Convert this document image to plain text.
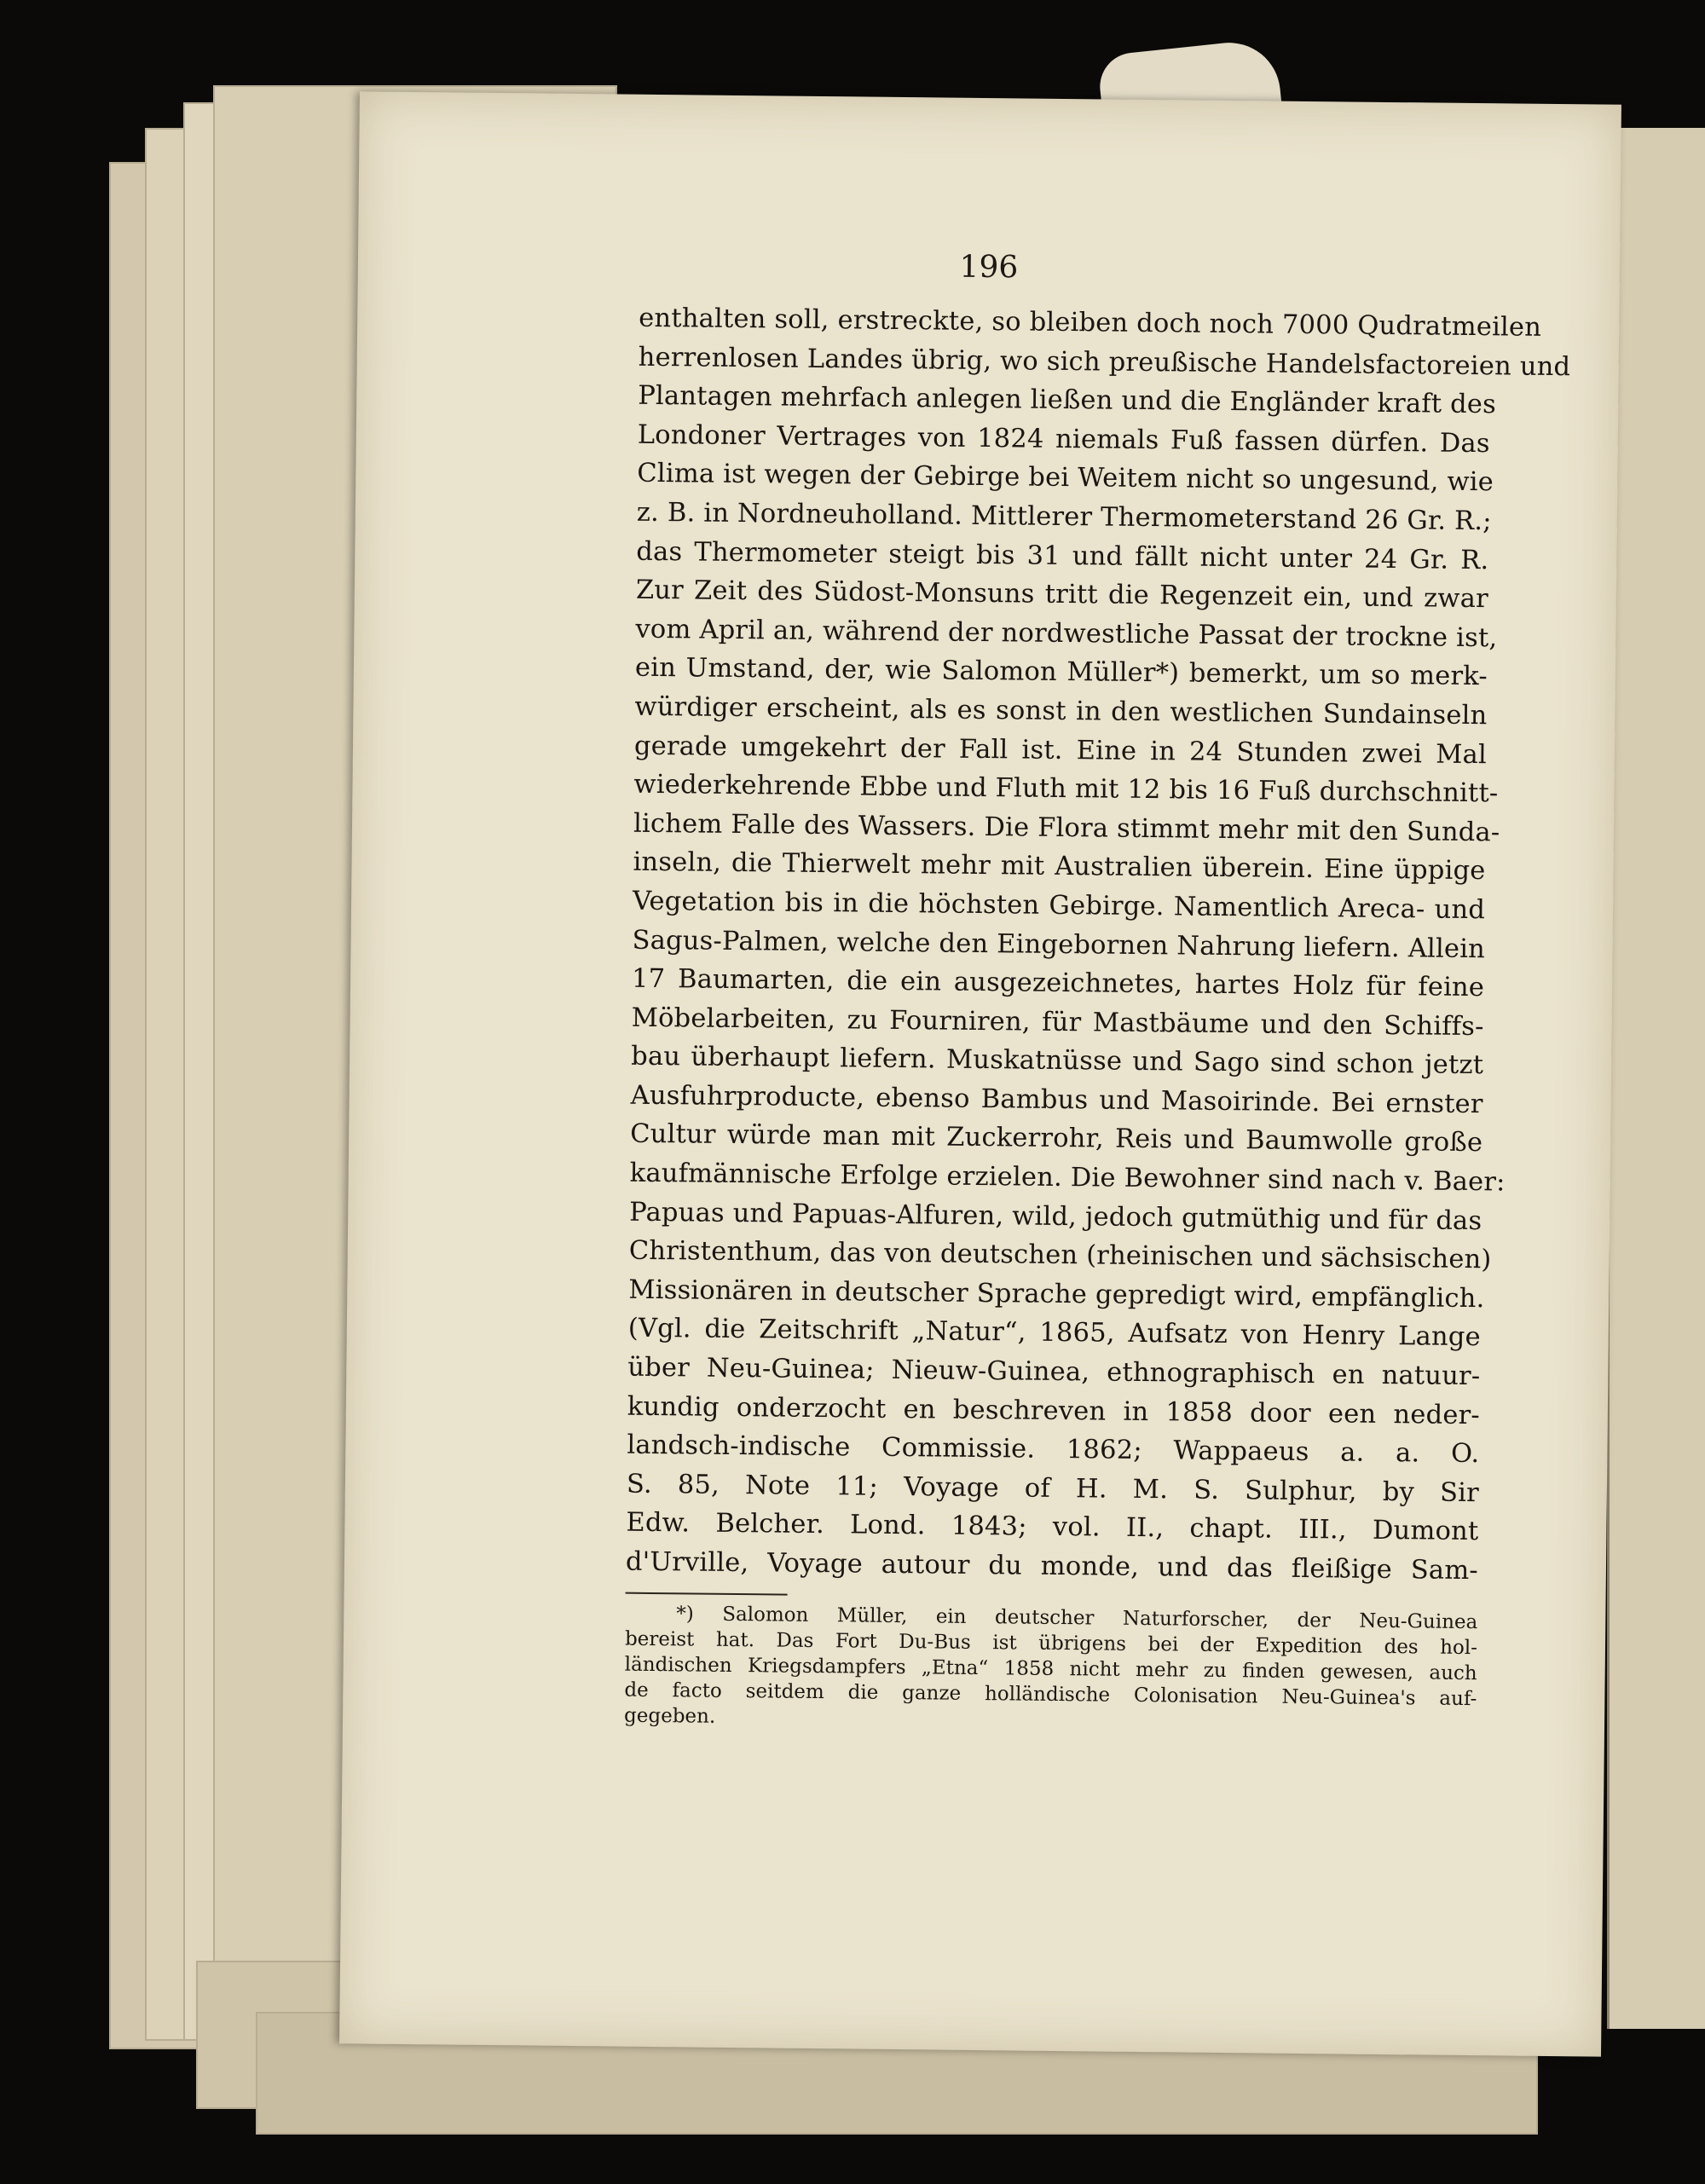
196
enthalten soll, erstreckte, so bleiben doch noch 7000 Qudratmeilen
herrenlosen Landes übrig, wo sich preußische Handelsfactoreien und
Plantagen mehrfach anlegen ließen und die Engländer kraft des
Londoner Vertrages von 1824 niemals Fuß fassen dürfen. Das
Clima ist wegen der Gebirge bei Weitem nicht so ungesund, wie
z. B. in Nordneuholland. Mittlerer Thermometerstand 26 Gr. R.;
das Thermometer steigt bis 31 und fällt nicht unter 24 Gr. R.
Zur Zeit des Südost-Monsuns tritt die Regenzeit ein, und zwar
vom April an, während der nordwestliche Passat der trockne ist,
ein Umstand, der, wie Salomon Müller*) bemerkt, um so merk-
würdiger erscheint, als es sonst in den westlichen Sundainseln
gerade umgekehrt der Fall ist. Eine in 24 Stunden zwei Mal
wiederkehrende Ebbe und Fluth mit 12 bis 16 Fuß durchschnitt-
lichem Falle des Wassers. Die Flora stimmt mehr mit den Sunda-
inseln, die Thierwelt mehr mit Australien überein. Eine üppige
Vegetation bis in die höchsten Gebirge. Namentlich Areca- und
Sagus-Palmen, welche den Eingebornen Nahrung liefern. Allein
17 Baumarten, die ein ausgezeichnetes, hartes Holz für feine
Möbelarbeiten, zu Fourniren, für Mastbäume und den Schiffs-
bau überhaupt liefern. Muskatnüsse und Sago sind schon jetzt
Ausfuhrproducte, ebenso Bambus und Masoirinde. Bei ernster
Cultur würde man mit Zuckerrohr, Reis und Baumwolle große
kaufmännische Erfolge erzielen. Die Bewohner sind nach v. Baer:
Papuas und Papuas-Alfuren, wild, jedoch gutmüthig und für das
Christenthum, das von deutschen (rheinischen und sächsischen)
Missionären in deutscher Sprache gepredigt wird, empfänglich.
(Vgl. die Zeitschrift „Natur“, 1865, Aufsatz von Henry Lange
über Neu-Guinea; Nieuw-Guinea, ethnographisch en natuur-
kundig onderzocht en beschreven in 1858 door een neder-
landsch-indische Commissie. 1862; Wappaeus a. a. O.
S. 85, Note 11; Voyage of H. M. S. Sulphur, by Sir
Edw. Belcher. Lond. 1843; vol. II., chapt. III., Dumont
d'Urville, Voyage autour du monde, und das fleißige Sam-
*) Salomon Müller, ein deutscher Naturforscher, der Neu-Guinea
bereist hat. Das Fort Du-Bus ist übrigens bei der Expedition des hol-
ländischen Kriegsdampfers „Etna“ 1858 nicht mehr zu finden gewesen, auch
de facto seitdem die ganze holländische Colonisation Neu-Guinea's auf-
gegeben.
